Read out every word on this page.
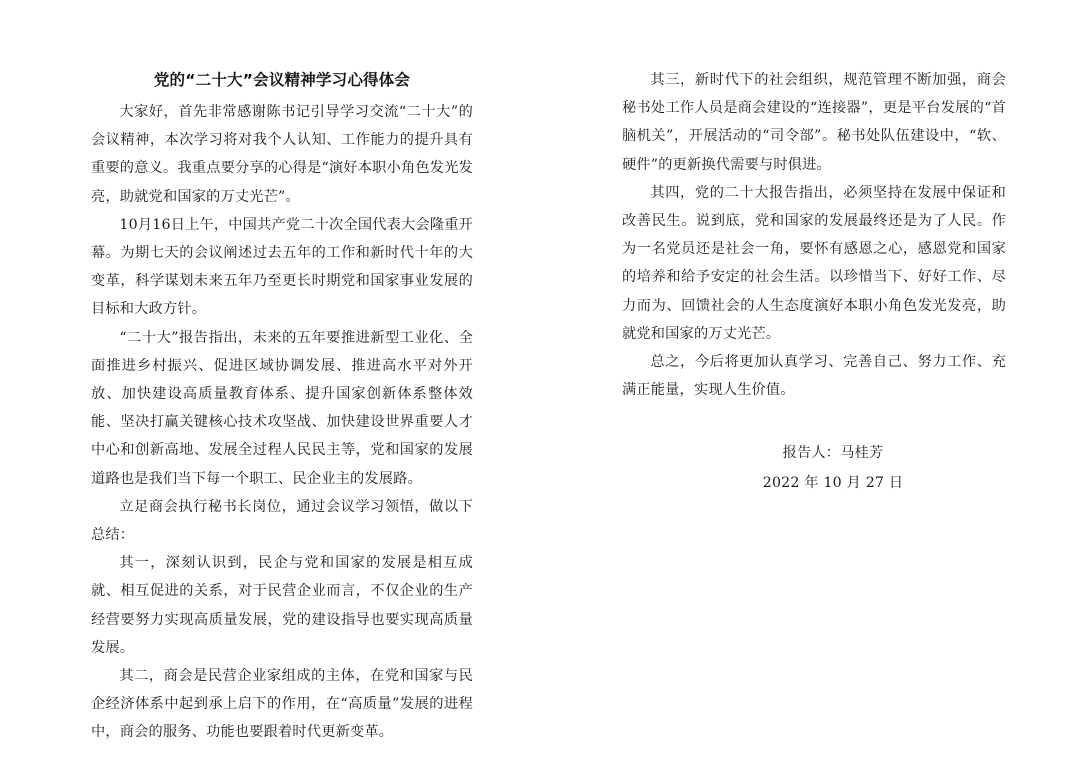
党的“二十大”会议精神学习心得体会

大家好，首先非常感谢陈书记引导学习交流“二十大”的会议精神，本次学习将对我个人认知、工作能力的提升具有重要的意义。我重点要分享的心得是“演好本职小角色发光发亮，助就党和国家的万丈光芒”。

10月16日上午，中国共产党二十次全国代表大会隆重开幕。为期七天的会议阐述过去五年的工作和新时代十年的大变革，科学谋划未来五年乃至更长时期党和国家事业发展的目标和大政方针。

“二十大”报告指出，未来的五年要推进新型工业化、全面推进乡村振兴、促进区域协调发展、推进高水平对外开放、加快建设高质量教育体系、提升国家创新体系整体效能、坚决打赢关键核心技术攻坚战、加快建设世界重要人才中心和创新高地、发展全过程人民民主等，党和国家的发展道路也是我们当下每一个职工、民企业主的发展路。

立足商会执行秘书长岗位，通过会议学习领悟，做以下总结：

其一，深刻认识到，民企与党和国家的发展是相互成就、相互促进的关系，对于民营企业而言，不仅企业的生产经营要努力实现高质量发展，党的建设指导也要实现高质量发展。

其二，商会是民营企业家组成的主体，在党和国家与民企经济体系中起到承上启下的作用，在“高质量”发展的进程中，商会的服务、功能也要跟着时代更新变革。

其三，新时代下的社会组织，规范管理不断加强，商会秘书处工作人员是商会建设的“连接器”，更是平台发展的“首脑机关”，开展活动的“司令部”。秘书处队伍建设中，“软、硬件”的更新换代需要与时俱进。

其四，党的二十大报告指出，必须坚持在发展中保证和改善民生。说到底，党和国家的发展最终还是为了人民。作为一名党员还是社会一角，要怀有感恩之心，感恩党和国家的培养和给予安定的社会生活。以珍惜当下、好好工作、尽力而为、回馈社会的人生态度演好本职小角色发光发亮，助就党和国家的万丈光芒。

总之，今后将更加认真学习、完善自己、努力工作、充满正能量，实现人生价值。

报告人：马桂芳
2022 年 10 月 27 日
